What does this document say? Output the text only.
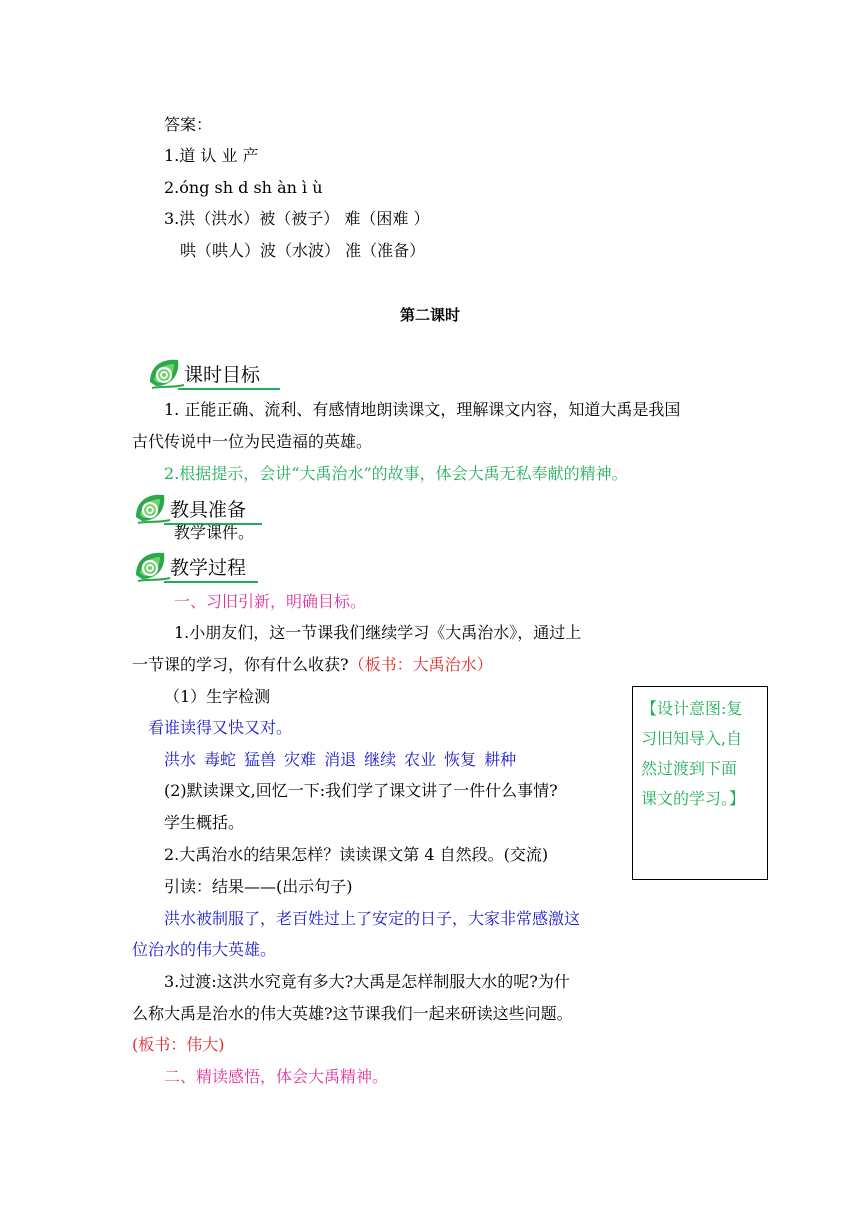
答案：
1.道 认 业 产
2.óng sh d sh àn ì ù
3.洪（洪水）被（被子） 难（困难 ）
哄（哄人）波（水波） 准（准备）
第二课时
课时目标
1. 正能正确、流利、有感情地朗读课文，理解课文内容，知道大禹是我国
古代传说中一位为民造福的英雄。
2.根据提示，会讲“大禹治水”的故事，体会大禹无私奉献的精神。
教具准备
教学课件。
教学过程
一、习旧引新，明确目标。
1.小朋友们，这一节课我们继续学习《大禹治水》，通过上
一节课的学习，你有什么收获?（板书：大禹治水）
（1）生字检测
看谁读得又快又对。
洪水 毒蛇 猛兽 灾难 消退 继续 农业 恢复 耕种
(2)默读课文,回忆一下:我们学了课文讲了一件什么事情?
学生概括。
2.大禹治水的结果怎样？读读课文第 4 自然段。(交流)
引读：结果——(出示句子)
洪水被制服了，老百姓过上了安定的日子，大家非常感激这
位治水的伟大英雄。
3.过渡:这洪水究竟有多大?大禹是怎样制服大水的呢?为什
么称大禹是治水的伟大英雄?这节课我们一起来研读这些问题。
(板书：伟大)
二、精读感悟，体会大禹精神。
【设计意图:复
习旧知导入,自
然过渡到下面
课文的学习。】
